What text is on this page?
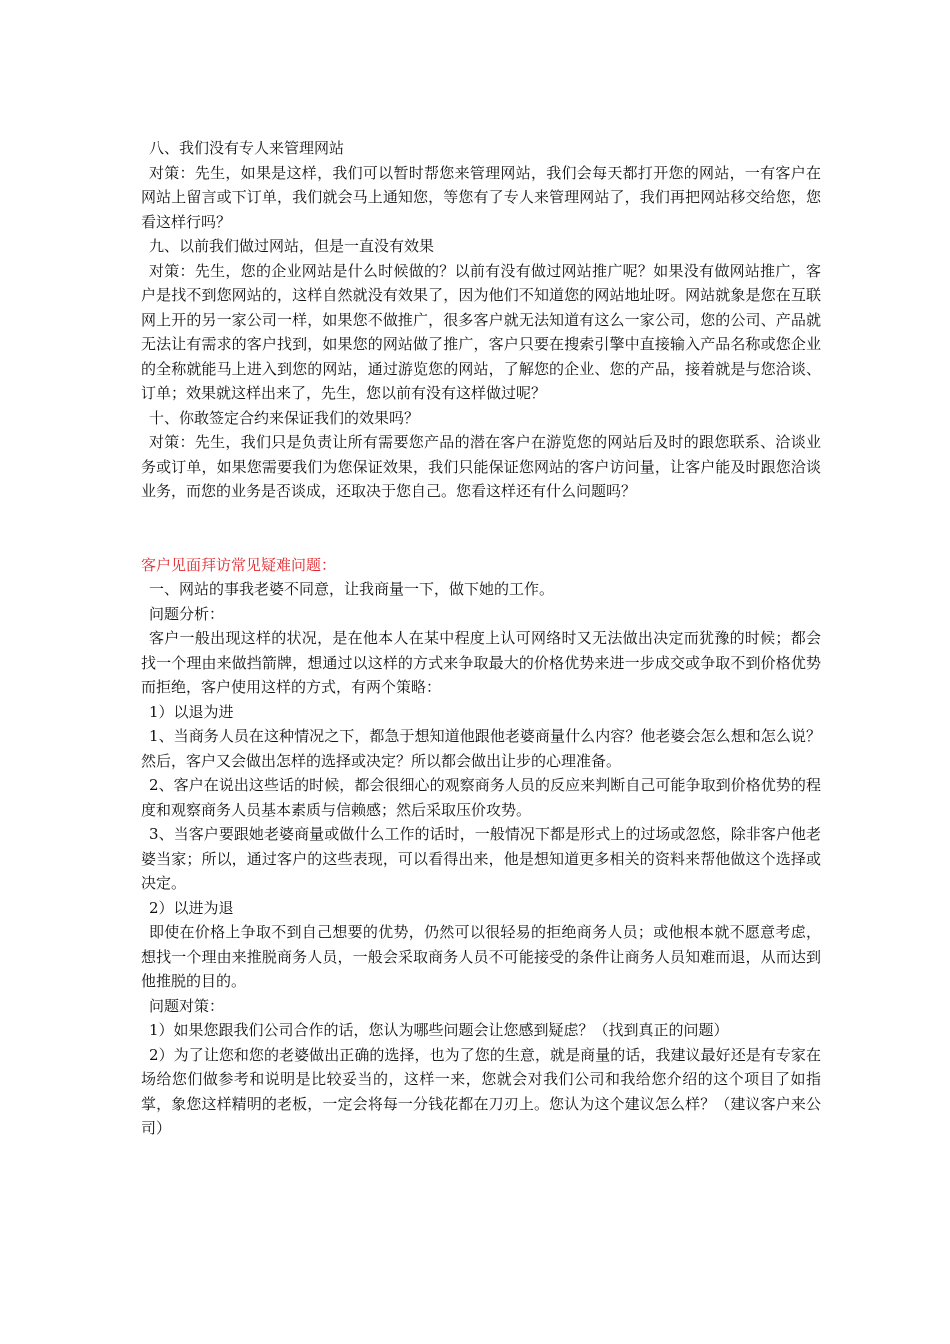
八、我们没有专人来管理网站

对策：先生，如果是这样，我们可以暂时帮您来管理网站，我们会每天都打开您的网站，一有客户在网站上留言或下订单，我们就会马上通知您，等您有了专人来管理网站了，我们再把网站移交给您，您看这样行吗？

九、以前我们做过网站，但是一直没有效果

对策：先生，您的企业网站是什么时候做的？以前有没有做过网站推广呢？如果没有做网站推广，客户是找不到您网站的，这样自然就没有效果了，因为他们不知道您的网站地址呀。网站就象是您在互联网上开的另一家公司一样，如果您不做推广，很多客户就无法知道有这么一家公司，您的公司、产品就无法让有需求的客户找到，如果您的网站做了推广，客户只要在搜索引擎中直接输入产品名称或您企业的全称就能马上进入到您的网站，通过游览您的网站，了解您的企业、您的产品，接着就是与您洽谈、订单；效果就这样出来了，先生，您以前有没有这样做过呢？

十、你敢签定合约来保证我们的效果吗？

对策：先生，我们只是负责让所有需要您产品的潜在客户在游览您的网站后及时的跟您联系、洽谈业务或订单，如果您需要我们为您保证效果，我们只能保证您网站的客户访问量，让客户能及时跟您洽谈业务，而您的业务是否谈成，还取决于您自己。您看这样还有什么问题吗？

客户见面拜访常见疑难问题：

一、网站的事我老婆不同意，让我商量一下，做下她的工作。

问题分析：

客户一般出现这样的状况，是在他本人在某中程度上认可网络时又无法做出决定而犹豫的时候；都会找一个理由来做挡箭牌，想通过以这样的方式来争取最大的价格优势来进一步成交或争取不到价格优势而拒绝，客户使用这样的方式，有两个策略：

1）以退为进

1、当商务人员在这种情况之下，都急于想知道他跟他老婆商量什么内容？他老婆会怎么想和怎么说？然后，客户又会做出怎样的选择或决定？所以都会做出让步的心理准备。

2、客户在说出这些话的时候，都会很细心的观察商务人员的反应来判断自己可能争取到价格优势的程度和观察商务人员基本素质与信赖感；然后采取压价攻势。

3、当客户要跟她老婆商量或做什么工作的话时，一般情况下都是形式上的过场或忽悠，除非客户他老婆当家；所以，通过客户的这些表现，可以看得出来，他是想知道更多相关的资料来帮他做这个选择或决定。

2）以进为退

即使在价格上争取不到自己想要的优势，仍然可以很轻易的拒绝商务人员；或他根本就不愿意考虑，想找一个理由来推脱商务人员，一般会采取商务人员不可能接受的条件让商务人员知难而退，从而达到他推脱的目的。

问题对策：

1）如果您跟我们公司合作的话，您认为哪些问题会让您感到疑虑？（找到真正的问题）

2）为了让您和您的老婆做出正确的选择，也为了您的生意，就是商量的话，我建议最好还是有专家在场给您们做参考和说明是比较妥当的，这样一来，您就会对我们公司和我给您介绍的这个项目了如指掌，象您这样精明的老板，一定会将每一分钱花都在刀刃上。您认为这个建议怎么样？（建议客户来公司）
